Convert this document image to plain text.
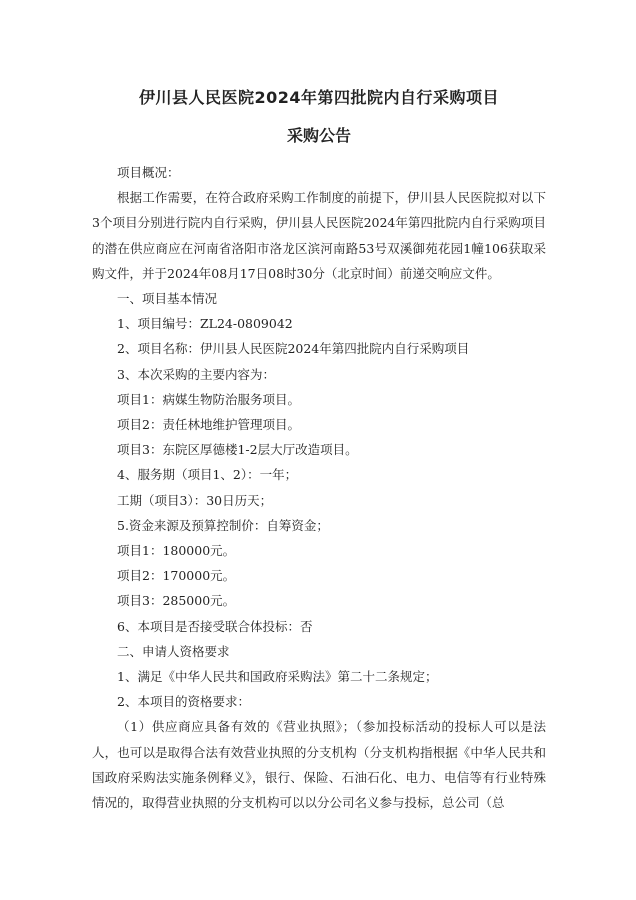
伊川县人民医院2024年第四批院内自行采购项目
采购公告

项目概况：

根据工作需要，在符合政府采购工作制度的前提下，伊川县人民医院拟对以下3个项目分别进行院内自行采购，伊川县人民医院2024年第四批院内自行采购项目的潜在供应商应在河南省洛阳市洛龙区滨河南路53号双溪御苑花园1幢106获取采购文件，并于2024年08月17日08时30分（北京时间）前递交响应文件。

一、项目基本情况

1、项目编号：ZL24-0809042

2、项目名称：伊川县人民医院2024年第四批院内自行采购项目

3、本次采购的主要内容为：

项目1：病媒生物防治服务项目。

项目2：责任林地维护管理项目。

项目3：东院区厚德楼1-2层大厅改造项目。

4、服务期（项目1、2）：一年；

工期（项目3）：30日历天；

5.资金来源及预算控制价：自筹资金；

项目1：180000元。

项目2：170000元。

项目3：285000元。

6、本项目是否接受联合体投标：否

二、申请人资格要求

1、满足《中华人民共和国政府采购法》第二十二条规定；

2、本项目的资格要求：

（1）供应商应具备有效的《营业执照》；（参加投标活动的投标人可以是法人，也可以是取得合法有效营业执照的分支机构（分支机构指根据《中华人民共和国政府采购法实施条例释义》，银行、保险、石油石化、电力、电信等有行业特殊情况的，取得营业执照的分支机构可以以分公司名义参与投标，总公司（总
